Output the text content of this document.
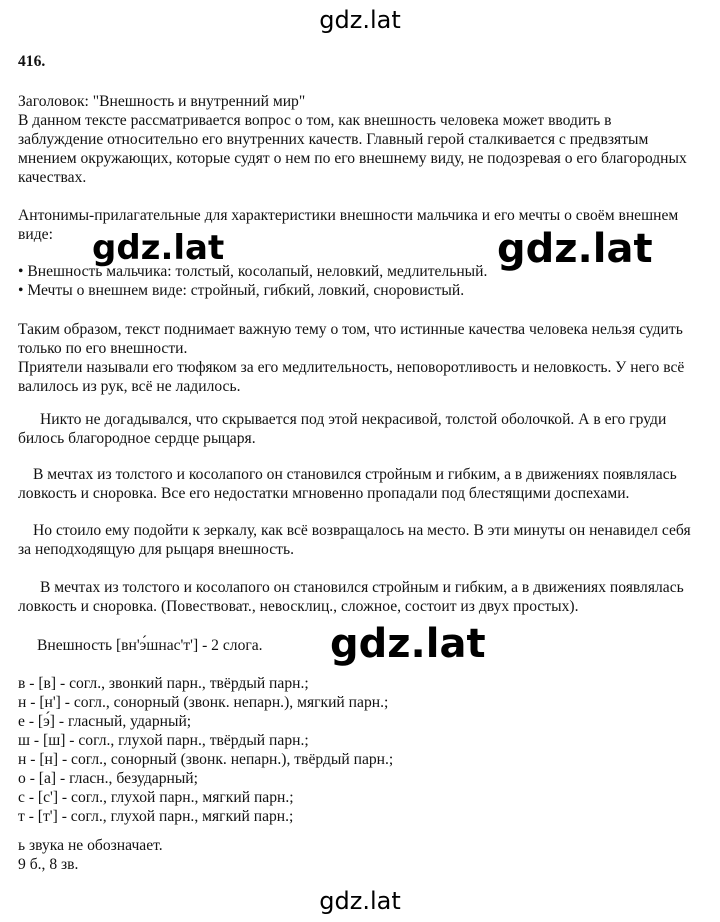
gdz.lat
416.
Заголовок: "Внешность и внутренний мир"
В данном тексте рассматривается вопрос о том, как внешность человека может вводить в
заблуждение относительно его внутренних качеств. Главный герой сталкивается с предвзятым
мнением окружающих, которые судят о нем по его внешнему виду, не подозревая о его благородных
качествах.
Антонимы-прилагательные для характеристики внешности мальчика и его мечты о своём внешнем
виде:
• Внешность мальчика: толстый, косолапый, неловкий, медлительный.
• Мечты о внешнем виде: стройный, гибкий, ловкий, сноровистый.
Таким образом, текст поднимает важную тему о том, что истинные качества человека нельзя судить
только по его внешности.
Приятели называли его тюфяком за его медлительность, неповоротливость и неловкость. У него всё
валилось из рук, всё не ладилось.
Никто не догадывался, что скрывается под этой некрасивой, толстой оболочкой. А в его груди
билось благородное сердце рыцаря.
В мечтах из толстого и косолапого он становился стройным и гибким, а в движениях появлялась
ловкость и сноровка. Все его недостатки мгновенно пропадали под блестящими доспехами.
Но стоило ему подойти к зеркалу, как всё возвращалось на место. В эти минуты он ненавидел себя
за неподходящую для рыцаря внешность.
В мечтах из толстого и косолапого он становился стройным и гибким, а в движениях появлялась
ловкость и сноровка. (Повествоват., невосклиц., сложное, состоит из двух простых).
Внешность [вн'э́шнас'т'] - 2 слога.
в - [в] - согл., звонкий парн., твёрдый парн.;
н - [н'] - согл., сонорный (звонк. непарн.), мягкий парн.;
е - [э́] - гласный, ударный;
ш - [ш] - согл., глухой парн., твёрдый парн.;
н - [н] - согл., сонорный (звонк. непарн.), твёрдый парн.;
о - [а] - гласн., безударный;
с - [с'] - согл., глухой парн., мягкий парн.;
т - [т'] - согл., глухой парн., мягкий парн.;
ь звука не обозначает.
9 б., 8 зв.
gdz.lat	gdz.lat
gdz.lat
gdz.lat
